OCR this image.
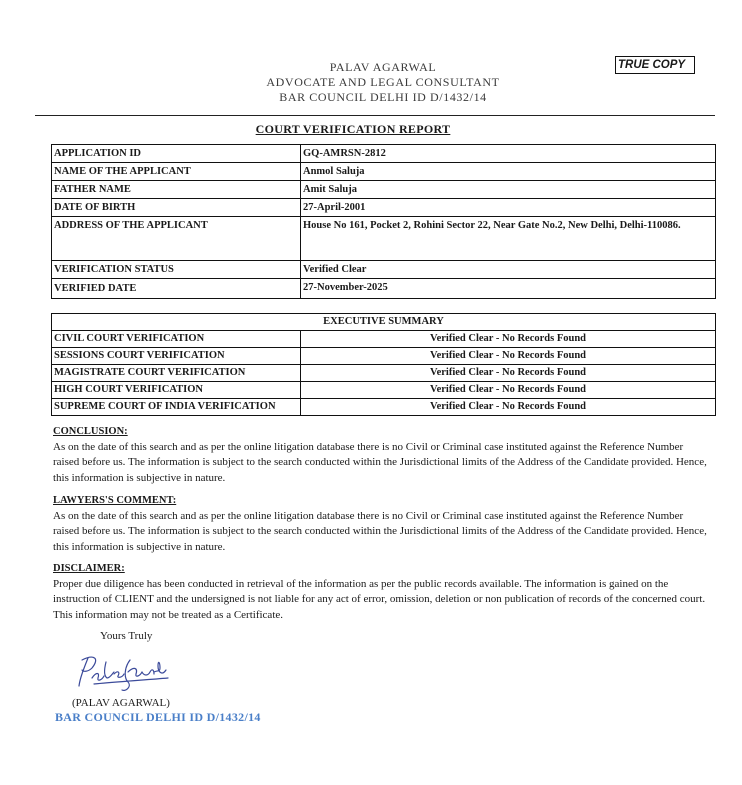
PALAV AGARWAL
ADVOCATE AND LEGAL CONSULTANT
BAR COUNCIL DELHI ID D/1432/14
TRUE COPY
COURT VERIFICATION REPORT
APPLICATION ID	GQ-AMRSN-2812
NAME OF THE APPLICANT	Anmol Saluja
FATHER NAME	Amit Saluja
DATE OF BIRTH	27-April-2001
ADDRESS OF THE APPLICANT	House No 161, Pocket 2, Rohini Sector 22, Near Gate No.2, New Delhi, Delhi-110086.
VERIFICATION STATUS	Verified Clear
VERIFIED DATE	27-November-2025
EXECUTIVE SUMMARY	
CIVIL COURT VERIFICATION	Verified Clear - No Records Found
SESSIONS COURT VERIFICATION	Verified Clear - No Records Found
MAGISTRATE COURT VERIFICATION	Verified Clear - No Records Found
HIGH COURT VERIFICATION	Verified Clear - No Records Found
SUPREME COURT OF INDIA VERIFICATION	Verified Clear - No Records Found
CONCLUSION:
As on the date of this search and as per the online litigation database there is no Civil or Criminal case instituted against the Reference Number raised before us. The information is subject to the search conducted within the Jurisdictional limits of the Address of the Candidate provided. Hence, this information is subjective in nature.
LAWYERS'S COMMENT:
As on the date of this search and as per the online litigation database there is no Civil or Criminal case instituted against the Reference Number raised before us. The information is subject to the search conducted within the Jurisdictional limits of the Address of the Candidate provided. Hence, this information is subjective in nature.
DISCLAIMER:
Proper due diligence has been conducted in retrieval of the information as per the public records available. The information is gained on the instruction of CLIENT and the undersigned is not liable for any act of error, omission, deletion or non publication of records of the concerned court. This information may not be treated as a Certificate.
Yours Truly
(PALAV AGARWAL)
BAR COUNCIL DELHI ID D/1432/14
